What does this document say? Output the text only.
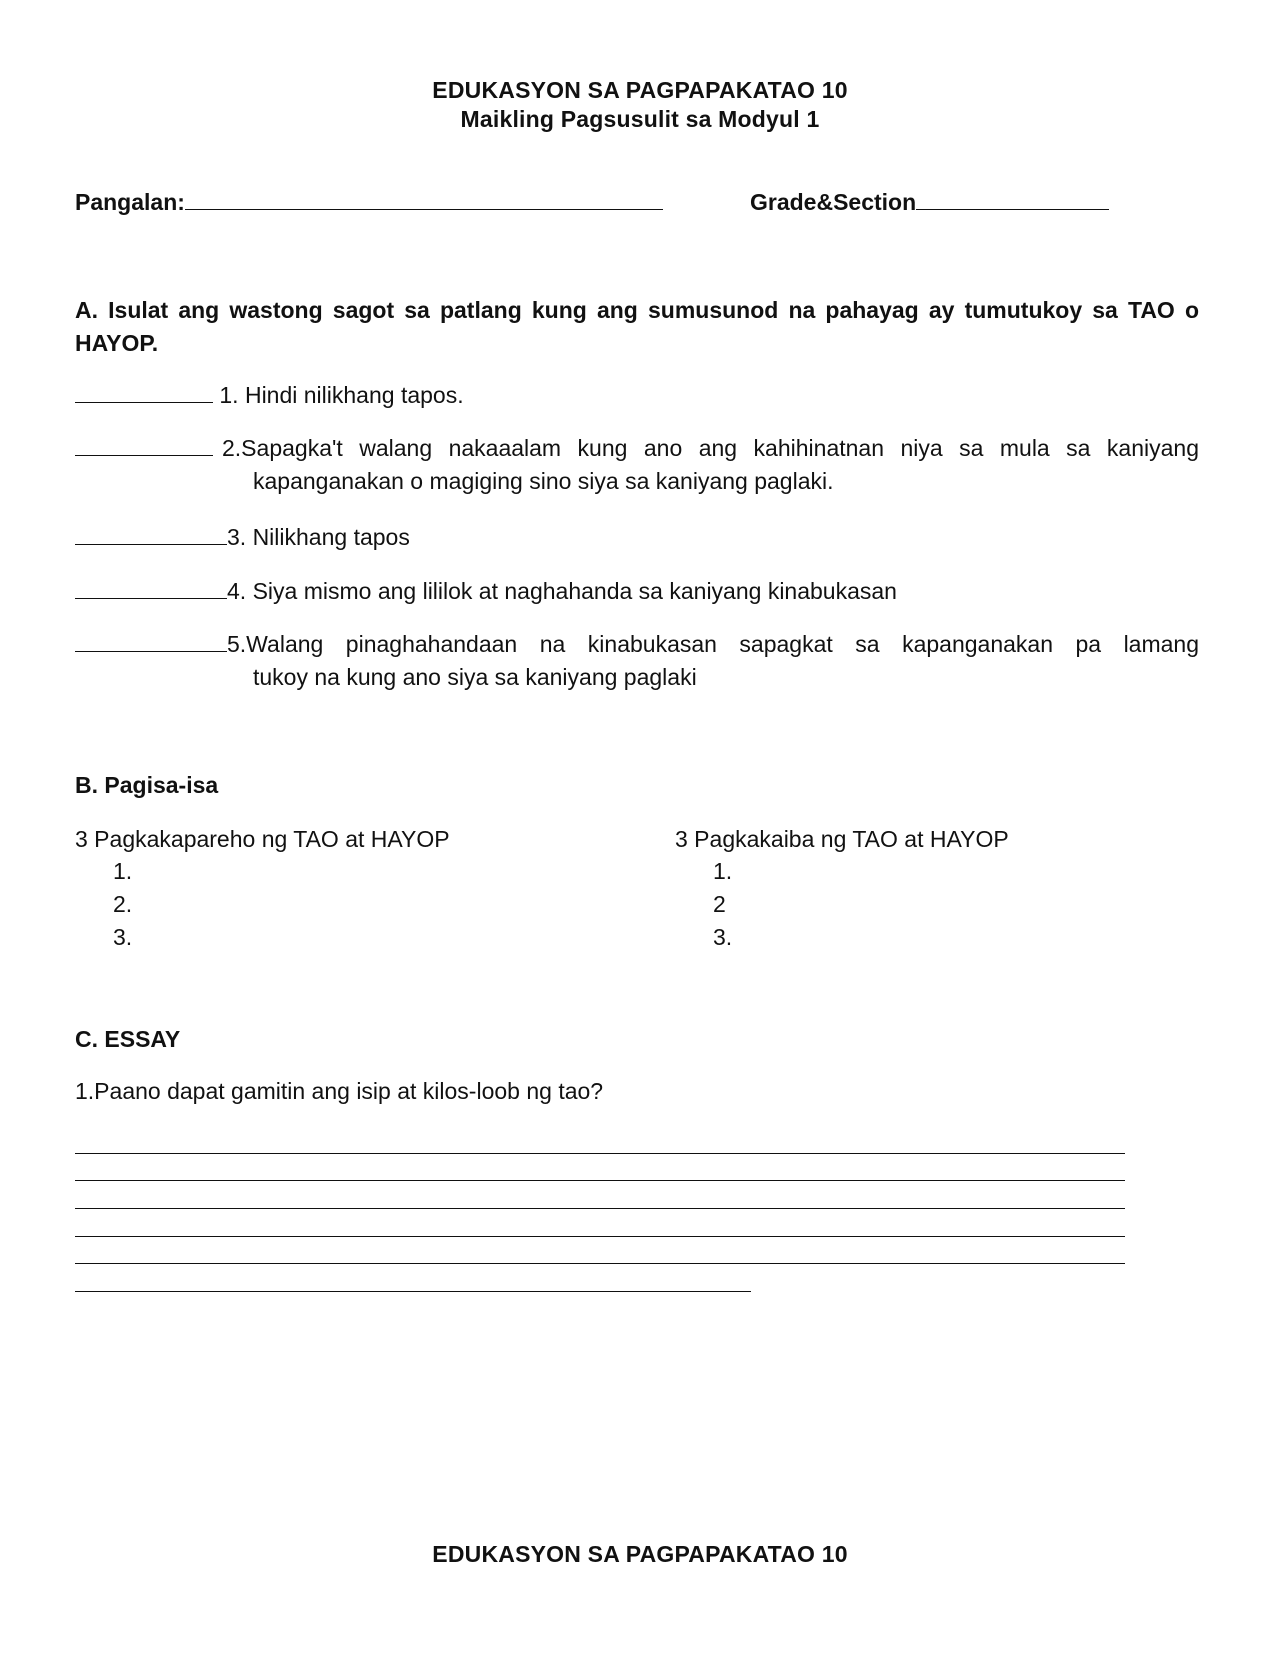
EDUKASYON SA PAGPAPAKATAO 10
Maikling Pagsusulit sa Modyul 1
Pangalan:	Grade&Section
A. Isulat ang wastong sagot sa patlang kung ang sumusunod na pahayag ay tumutukoy sa TAO o HAYOP.
1. Hindi nilikhang tapos.
2.Sapagka't walang nakaaalam kung ano ang kahihinatnan niya sa mula sa kaniyang
kapanganakan o magiging sino siya sa kaniyang paglaki.
3. Nilikhang tapos
4. Siya mismo ang lililok at naghahanda sa kaniyang kinabukasan
5.Walang pinaghahandaan na kinabukasan sapagkat sa kapanganakan pa lamang
tukoy na kung ano siya sa kaniyang paglaki
B. Pagisa-isa
3 Pagkakapareho ng TAO at HAYOP
1.
2.
3.
3 Pagkakaiba ng TAO at HAYOP
1.
2
3.
C. ESSAY
1.Paano dapat gamitin ang isip at kilos-loob ng tao?
EDUKASYON SA PAGPAPAKATAO 10
